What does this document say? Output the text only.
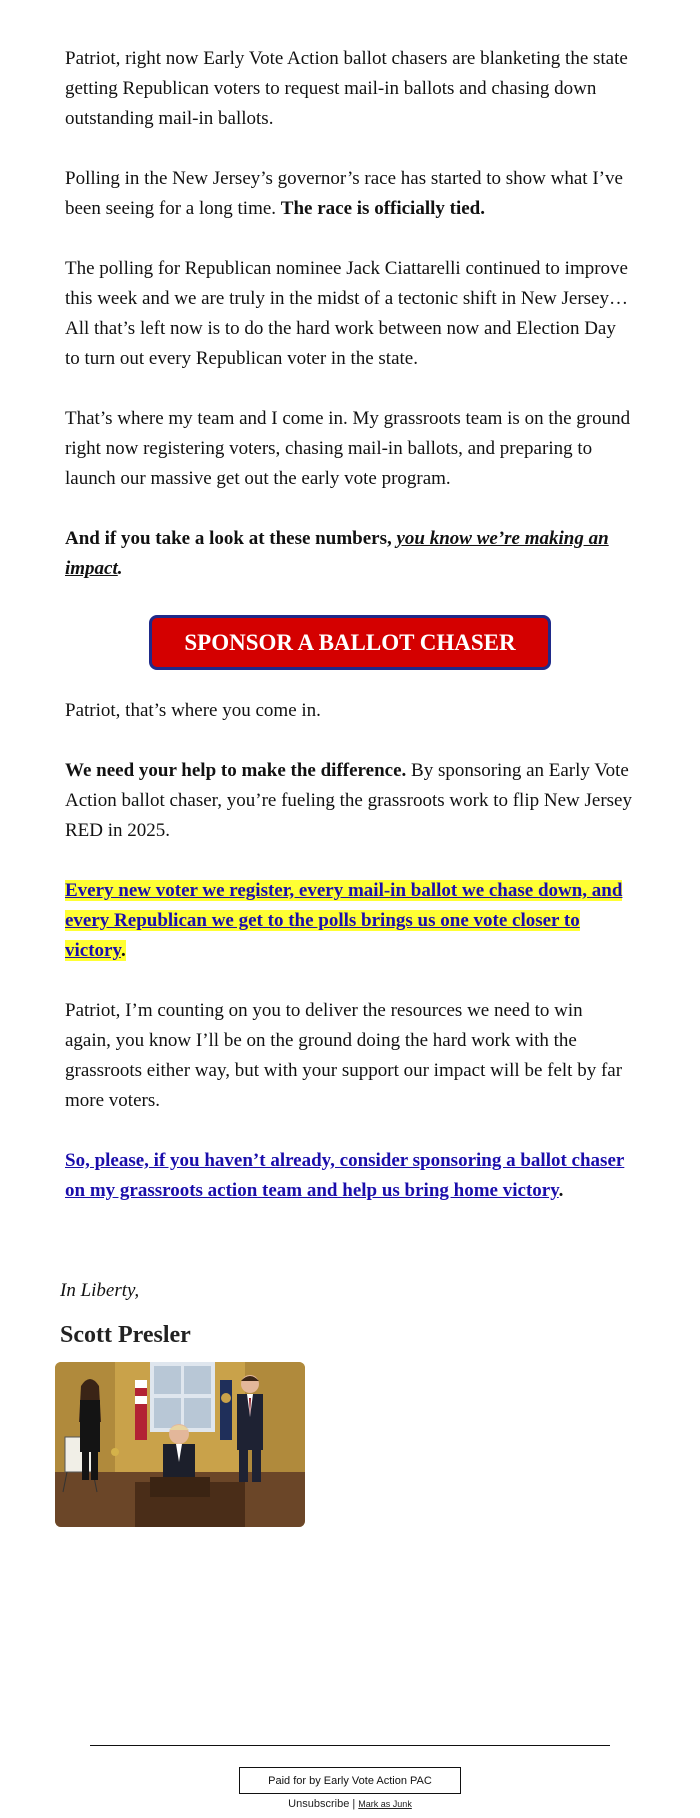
Patriot, right now Early Vote Action ballot chasers are blanketing the state getting Republican voters to request mail-in ballots and chasing down outstanding mail-in ballots.

Polling in the New Jersey’s governor’s race has started to show what I’ve been seeing for a long time. The race is officially tied.

The polling for Republican nominee Jack Ciattarelli continued to improve this week and we are truly in the midst of a tectonic shift in New Jersey… All that’s left now is to do the hard work between now and Election Day to turn out every Republican voter in the state.

That’s where my team and I come in. My grassroots team is on the ground right now registering voters, chasing mail-in ballots, and preparing to launch our massive get out the early vote program.

And if you take a look at these numbers, you know we’re making an impact.

SPONSOR A BALLOT CHASER

Patriot, that’s where you come in.

We need your help to make the difference. By sponsoring an Early Vote Action ballot chaser, you’re fueling the grassroots work to flip New Jersey RED in 2025.

Every new voter we register, every mail-in ballot we chase down, and every Republican we get to the polls brings us one vote closer to victory.

Patriot, I’m counting on you to deliver the resources we need to win again, you know I’ll be on the ground doing the hard work with the grassroots either way, but with your support our impact will be felt by far more voters.

So, please, if you haven’t already, consider sponsoring a ballot chaser on my grassroots action team and help us bring home victory.

In Liberty,
Scott Presler
Paid for by Early Vote Action PAC
Unsubscribe | Mark as Junk
